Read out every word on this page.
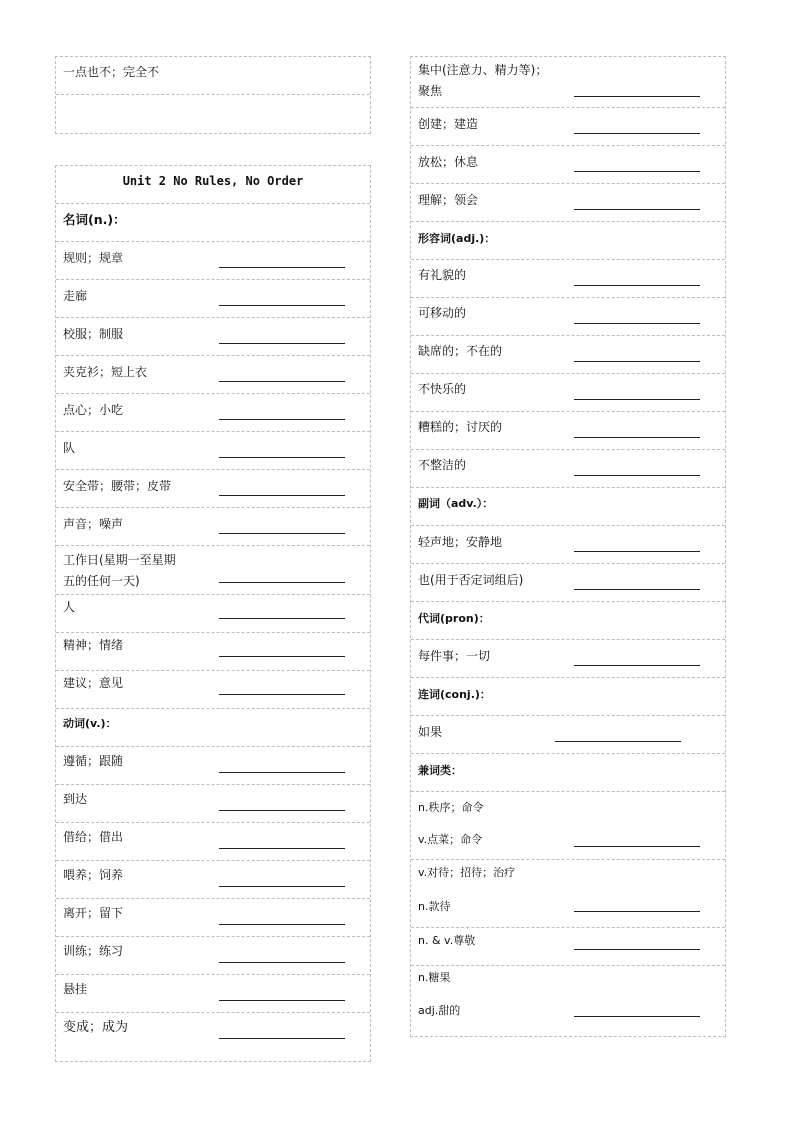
一点也不；完全不
Unit 2 No Rules, No Order
名词(n.)：
规则；规章
走廊
校服；制服
夹克衫；短上衣
点心；小吃
队
安全带；腰带；皮带
声音；噪声
工作日(星期一至星期
五的任何一天)
人
精神；情绪
建议；意见
动词(v.)：
遵循；跟随
到达
借给；借出
喂养；饲养
离开；留下
训练；练习
悬挂
变成；成为
集中(注意力、精力等)；
聚焦
创建；建造
放松；休息
理解；领会
形容词(adj.)：
有礼貌的
可移动的
缺席的；不在的
不快乐的
糟糕的；讨厌的
不整洁的
副词（adv.）：
轻声地；安静地
也(用于否定词组后)
代词(pron)：
每件事；一切
连词(conj.)：
如果
兼词类：
n.秩序；命令
v.点菜；命令
v.对待；招待；治疗
n.款待
n. & v.尊敬
n.糖果
adj.甜的
